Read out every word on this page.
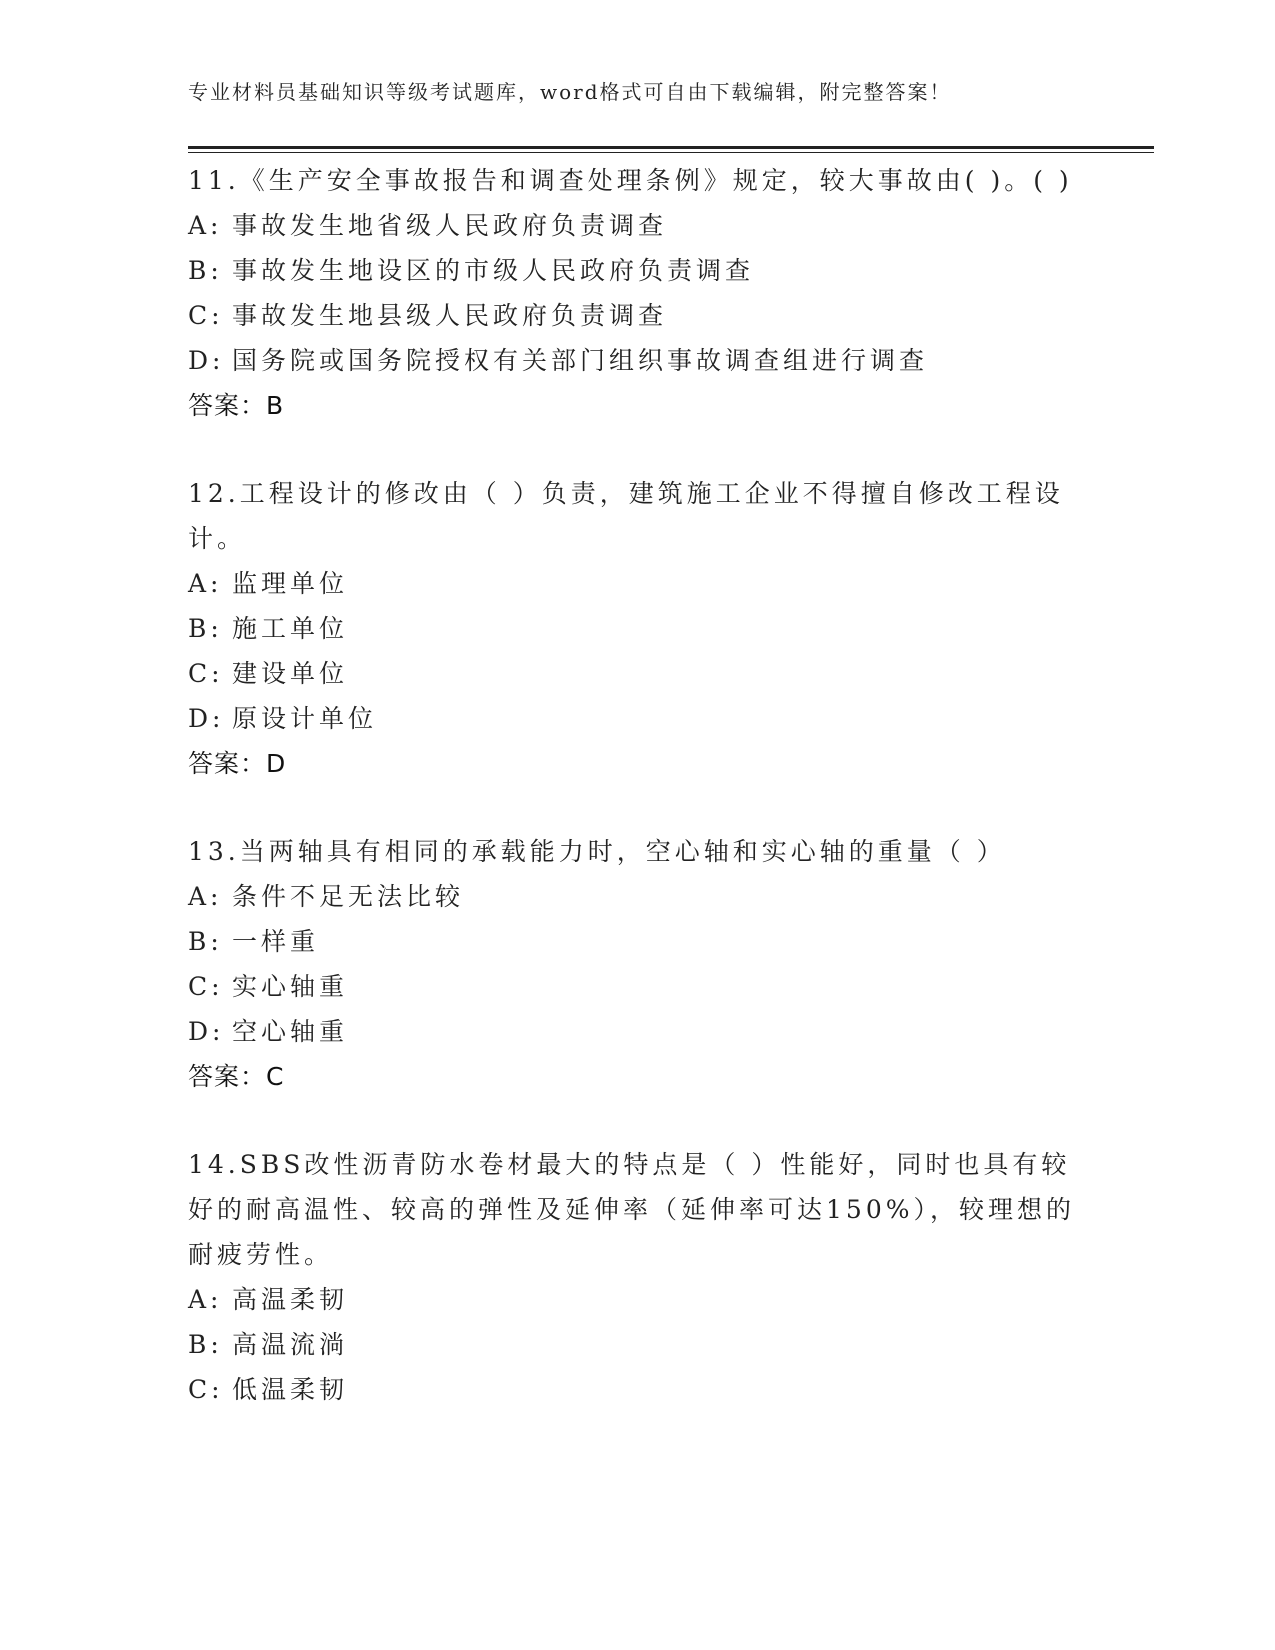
专业材料员基础知识等级考试题库，word格式可自由下载编辑，附完整答案！

11.《生产安全事故报告和调查处理条例》规定，较大事故由( )。( )

A: 事故发生地省级人民政府负责调查
B: 事故发生地设区的市级人民政府负责调查
C: 事故发生地县级人民政府负责调查
D: 国务院或国务院授权有关部门组织事故调查组进行调查
答案：B

12.工程设计的修改由（ ）负责，建筑施工企业不得擅自修改工程设计。

A: 监理单位
B: 施工单位
C: 建设单位
D: 原设计单位
答案：D

13.当两轴具有相同的承载能力时，空心轴和实心轴的重量（ ）

A: 条件不足无法比较
B: 一样重
C: 实心轴重
D: 空心轴重
答案：C

14.SBS改性沥青防水卷材最大的特点是（ ）性能好，同时也具有较好的耐高温性、较高的弹性及延伸率（延伸率可达150%），较理想的耐疲劳性。

A: 高温柔韧
B: 高温流淌
C: 低温柔韧
